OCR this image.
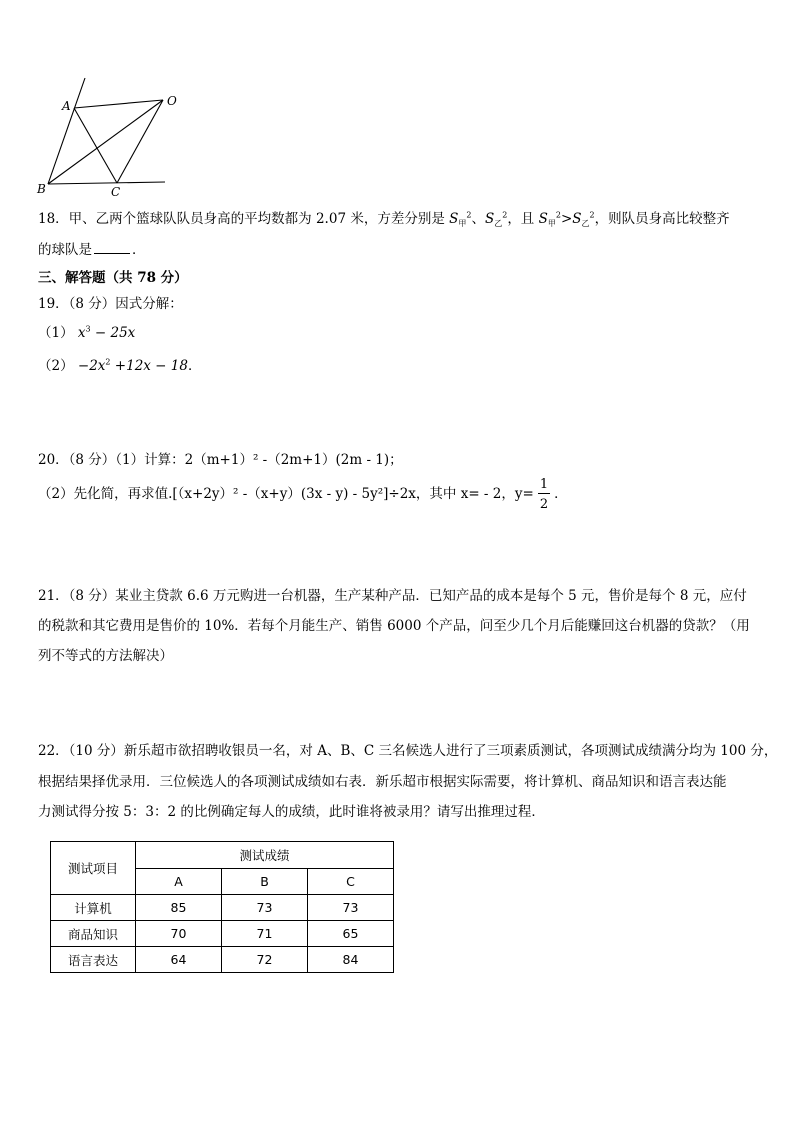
A	O
B	C
18．甲、乙两个篮球队队员身高的平均数都为 2.07 米，方差分别是 $S_甲^2$、$S_乙^2$，且 $S_甲^2>S_乙^2$，则队员身高比较整齐
的球队是	．
三、解答题（共 78 分）
19．（8 分）因式分解：
（1） $x^3 - 25x$
$(2) -2x^2 +12x - 18$．
20．（8 分）（1）计算：2（m+1）² -（2m+1）(2m - 1)；
（2）先化简，再求值.[（x+2y）² -（x+y）(3x - y) - 5y²]÷2x，其中 x= - 2，$y= \frac{1}{2}$ ．
21．（8 分）某业主贷款 6.6 万元购进一台机器，生产某种产品．已知产品的成本是每个 5 元，售价是每个 8 元，应付
的税款和其它费用是售价的 10%．若每个月能生产、销售 6000 个产品，问至少几个月后能赚回这台机器的贷款？（用
列不等式的方法解决）
22．（10 分）新乐超市欲招聘收银员一名，对 A、B、C 三名候选人进行了三项素质测试，各项测试成绩满分均为 100 分，
根据结果择优录用．三位候选人的各项测试成绩如右表．新乐超市根据实际需要，将计算机、商品知识和语言表达能
力测试得分按 5：3：2 的比例确定每人的成绩，此时谁将被录用？请写出推理过程．
测试项目	测试成绩		
	A	B	C
计算机	85	73	73
商品知识	70	71	65
语言表达	64	72	84
